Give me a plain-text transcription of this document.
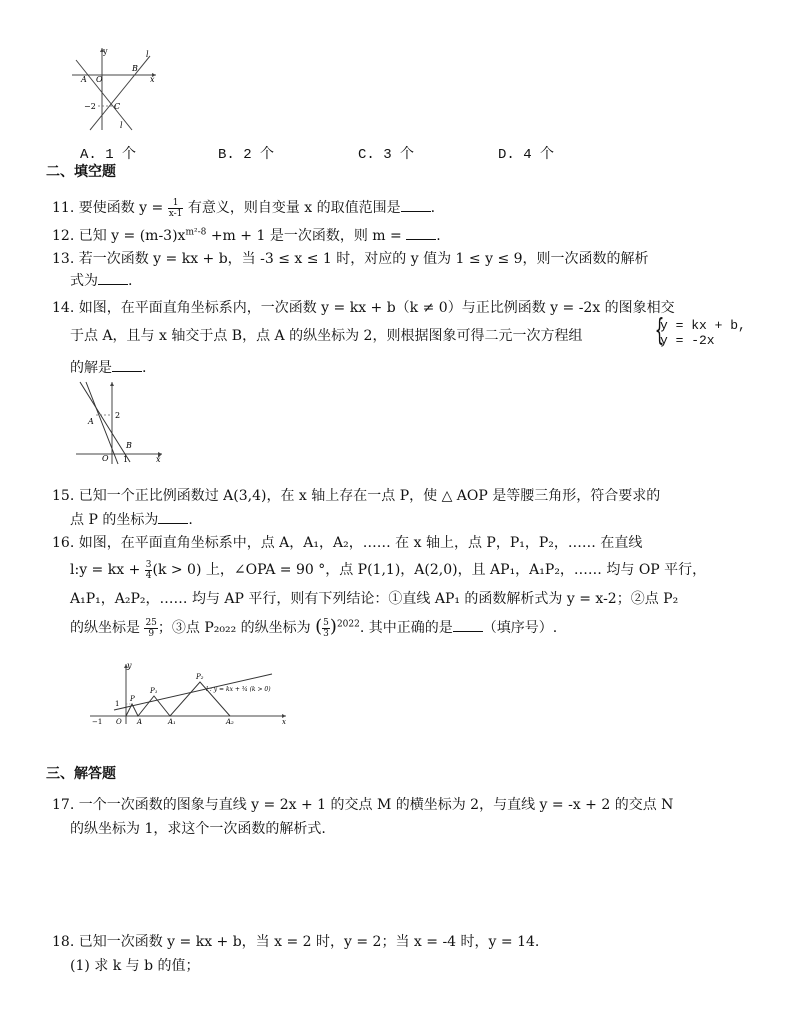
y	l
A O
B
x
−2 C
l
A. 1 个	B. 2 个	C. 3 个	D. 4 个
二、填空题
11. 要使函数 $y = \frac{1}{x-1}$ 有意义，则自变量 x 的取值范围是 .
12. 已知 $y = (m-3)x^{m^2-8} +m + 1$ 是一次函数，则 m = .
13. 若一次函数 y = kx + b，当 -3 ≤ x ≤ 1 时，对应的 y 值为 1 ≤ y ≤ 9，则一次函数的解析
式为 .
14. 如图，在平面直角坐标系内，一次函数 y = kx + b（k ≠ 0）与正比例函数 y = -2x 的图象相交
于点 A，且与 x 轴交于点 B，点 A 的纵坐标为 2，则根据图象可得二元一次方程组 {
y = kx + b,
y = -2x
的解是 .
A
2
O
B
1	x
15. 已知一个正比例函数过 A(3,4)，在 x 轴上存在一点 P，使 △ AOP 是等腰三角形，符合要求的
点 P 的坐标为 .
16. 如图，在平面直角坐标系中，点 A，A₁，A₂，…… 在 x 轴上，点 P，P₁，P₂，…… 在直线
l:y = kx + $\frac{3}{4} (k > 0)$ 上，∠OPA = 90 °，点 P(1,1)，A(2,0)，且 AP₁，A₁P₂，…… 均与 OP 平行，
A₁P₁，A₂P₂，…… 均与 AP 平行，则有下列结论：①直线 AP₁ 的函数解析式为 y = x-2；②点 P₂
的纵坐标是 $\frac{25}{9}$ ；③点 P₂₀₂₂ 的纵坐标为 ( $\frac{5}{3} )^{2022}$. 其中正确的是 （填序号）.
y
1
−1 O
P
A
P₁
A₁
P₂
A₂	x
l : y = kx + ¾ (k > 0)
三、解答题
17. 一个一次函数的图象与直线 y = 2x + 1 的交点 M 的横坐标为 2，与直线 y = -x + 2 的交点 N
的纵坐标为 1，求这个一次函数的解析式.
18. 已知一次函数 y = kx + b，当 x = 2 时，y = 2；当 x = -4 时，y = 14.
(1) 求 k 与 b 的值；
